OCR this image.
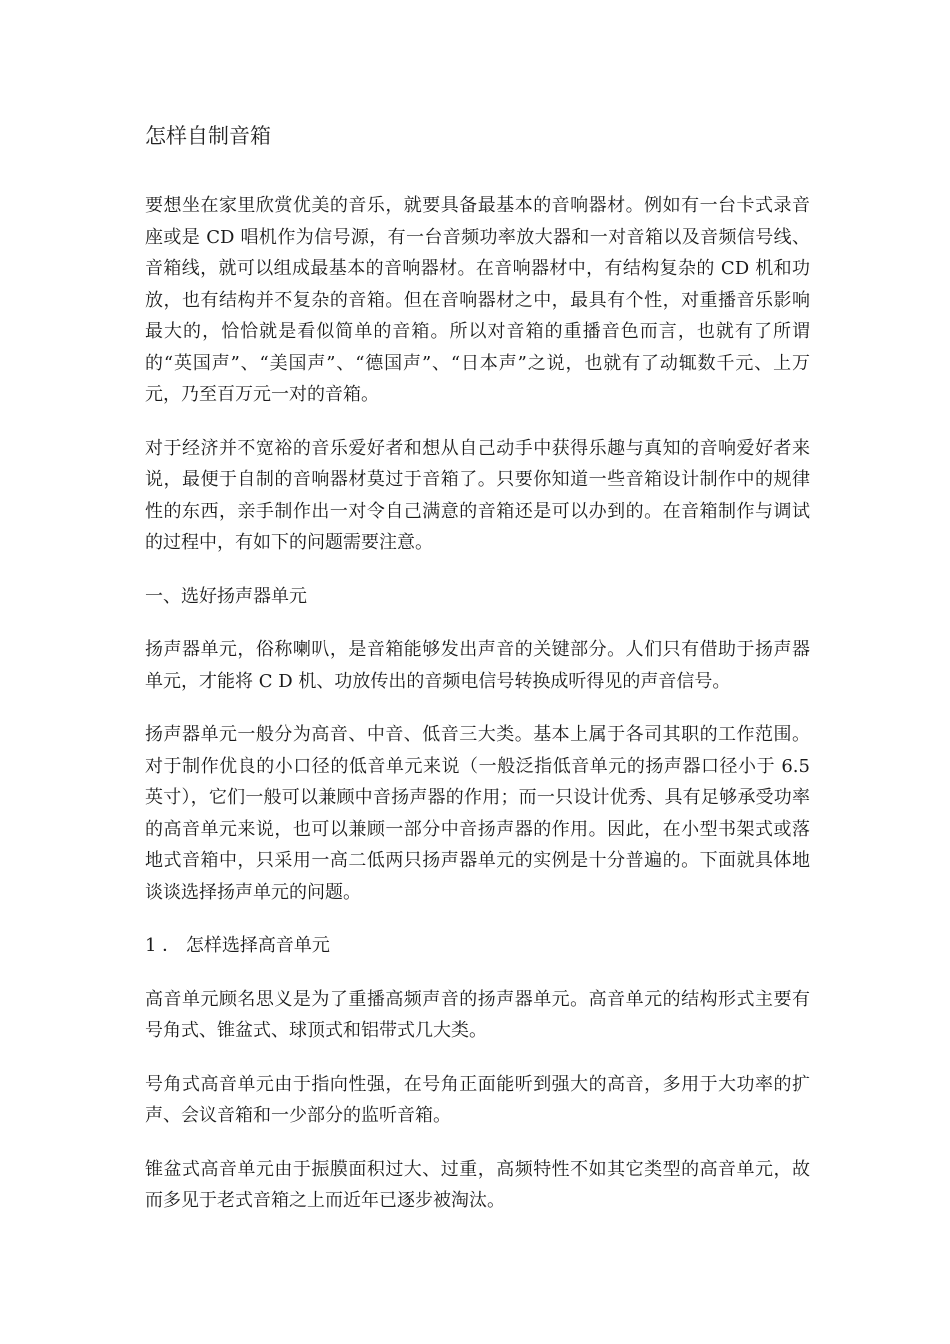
怎样自制音箱

要想坐在家里欣赏优美的音乐，就要具备最基本的音响器材。例如有一台卡式录音座或是 CD 唱机作为信号源，有一台音频功率放大器和一对音箱以及音频信号线、音箱线，就可以组成最基本的音响器材。在音响器材中，有结构复杂的 CD 机和功放，也有结构并不复杂的音箱。但在音响器材之中，最具有个性，对重播音乐影响最大的，恰恰就是看似简单的音箱。所以对音箱的重播音色而言，也就有了所谓的“英国声”、“美国声”、“德国声”、“日本声”之说，也就有了动辄数千元、上万元，乃至百万元一对的音箱。

对于经济并不宽裕的音乐爱好者和想从自己动手中获得乐趣与真知的音响爱好者来说，最便于自制的音响器材莫过于音箱了。只要你知道一些音箱设计制作中的规律性的东西，亲手制作出一对令自己满意的音箱还是可以办到的。在音箱制作与调试的过程中，有如下的问题需要注意。

一、选好扬声器单元

扬声器单元，俗称喇叭，是音箱能够发出声音的关键部分。人们只有借助于扬声器单元，才能将 C D 机、功放传出的音频电信号转换成听得见的声音信号。

扬声器单元一般分为高音、中音、低音三大类。基本上属于各司其职的工作范围。对于制作优良的小口径的低音单元来说（一般泛指低音单元的扬声器口径小于 6.5 英寸），它们一般可以兼顾中音扬声器的作用；而一只设计优秀、具有足够承受功率的高音单元来说，也可以兼顾一部分中音扬声器的作用。因此，在小型书架式或落地式音箱中，只采用一高二低两只扬声器单元的实例是十分普遍的。下面就具体地谈谈选择扬声单元的问题。

1 ． 怎样选择高音单元

高音单元顾名思义是为了重播高频声音的扬声器单元。高音单元的结构形式主要有号角式、锥盆式、球顶式和铝带式几大类。

号角式高音单元由于指向性强，在号角正面能听到强大的高音，多用于大功率的扩声、会议音箱和一少部分的监听音箱。

锥盆式高音单元由于振膜面积过大、过重，高频特性不如其它类型的高音单元，故而多见于老式音箱之上而近年已逐步被淘汰。
